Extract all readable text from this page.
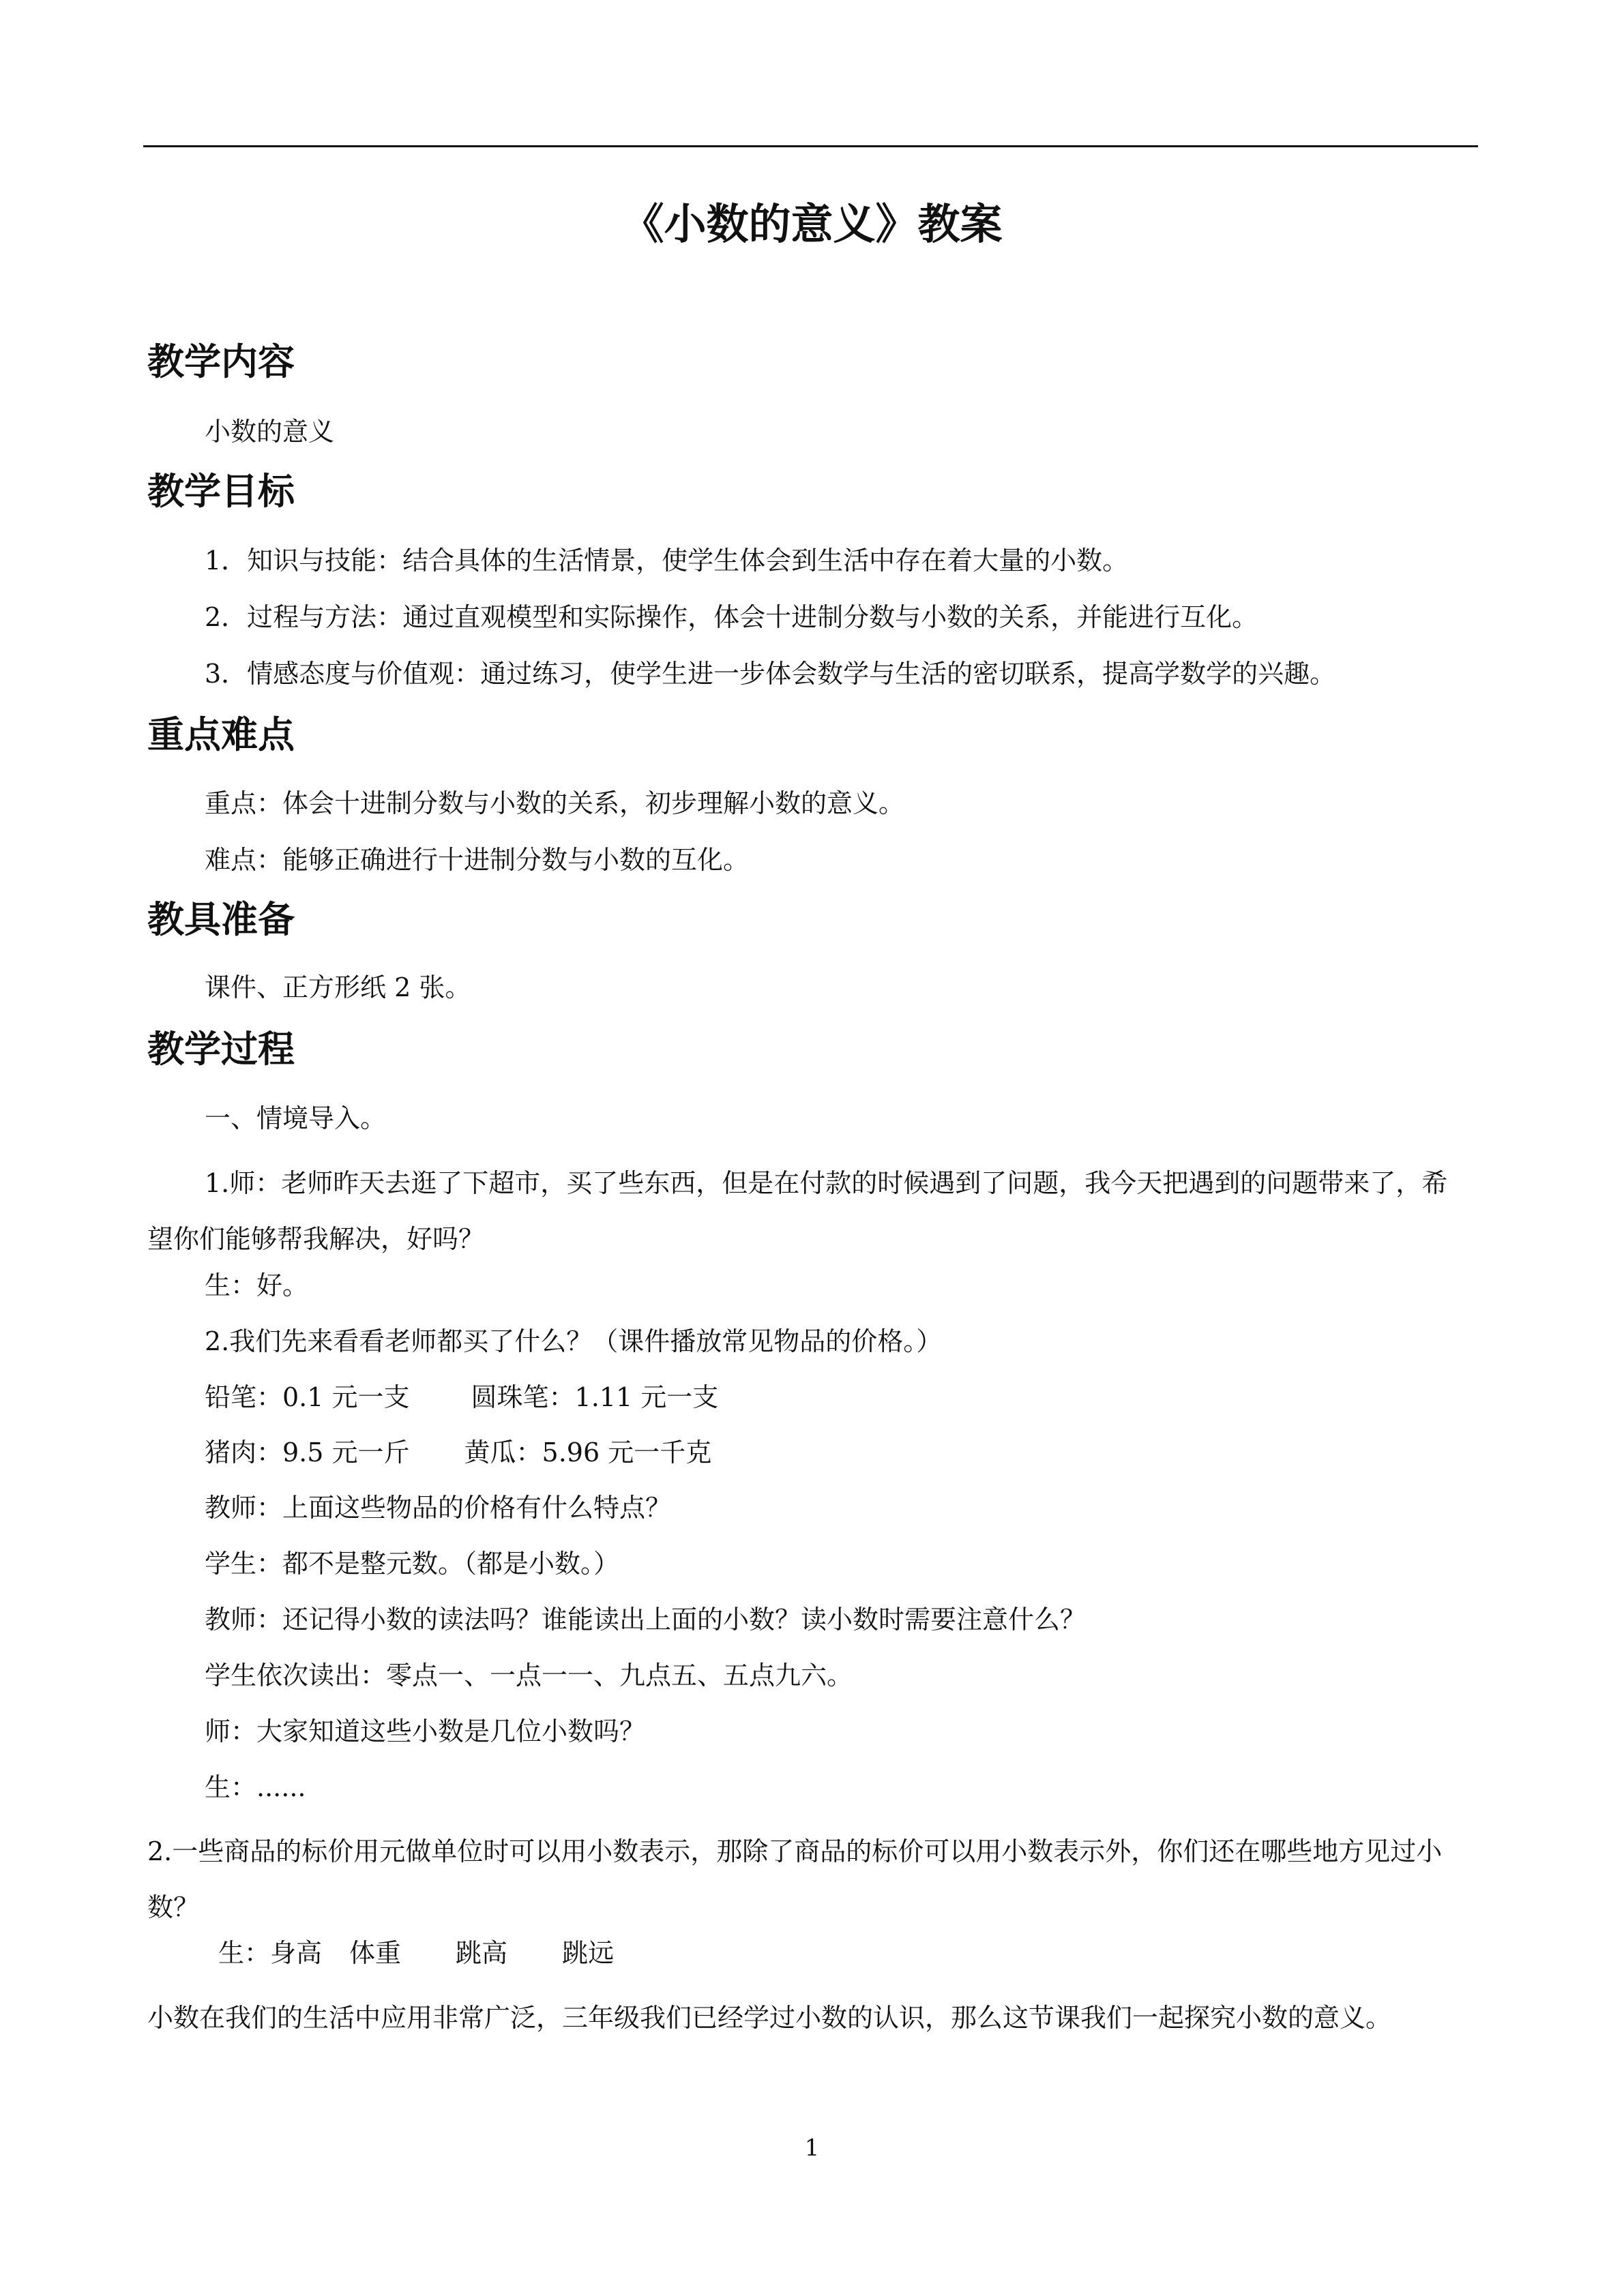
《小数的意义》教案
教学内容
小数的意义
教学目标
1．知识与技能：结合具体的生活情景，使学生体会到生活中存在着大量的小数。
2．过程与方法：通过直观模型和实际操作，体会十进制分数与小数的关系，并能进行互化。
3．情感态度与价值观：通过练习，使学生进一步体会数学与生活的密切联系，提高学数学的兴趣。
重点难点
重点：体会十进制分数与小数的关系，初步理解小数的意义。
难点：能够正确进行十进制分数与小数的互化。
教具准备
课件、正方形纸 2 张。
教学过程
一、情境导入。
1.师：老师昨天去逛了下超市，买了些东西，但是在付款的时候遇到了问题，我今天把遇到的问题带来了，希望你们能够帮我解决，好吗？
生：好。
2.我们先来看看老师都买了什么？（课件播放常见物品的价格。）
铅笔：0.1 元一支 圆珠笔：1.11 元一支
猪肉：9.5 元一斤 黄瓜：5.96 元一千克
教师：上面这些物品的价格有什么特点？
学生：都不是整元数。（都是小数。）
教师：还记得小数的读法吗？谁能读出上面的小数？读小数时需要注意什么？
学生依次读出：零点一、一点一一、九点五、五点九六。
师：大家知道这些小数是几位小数吗？
生：......
2.一些商品的标价用元做单位时可以用小数表示，那除了商品的标价可以用小数表示外，你们还在哪些地方见过小数？
生：身高 体重 跳高 跳远
小数在我们的生活中应用非常广泛，三年级我们已经学过小数的认识，那么这节课我们一起探究小数的意义。
1
